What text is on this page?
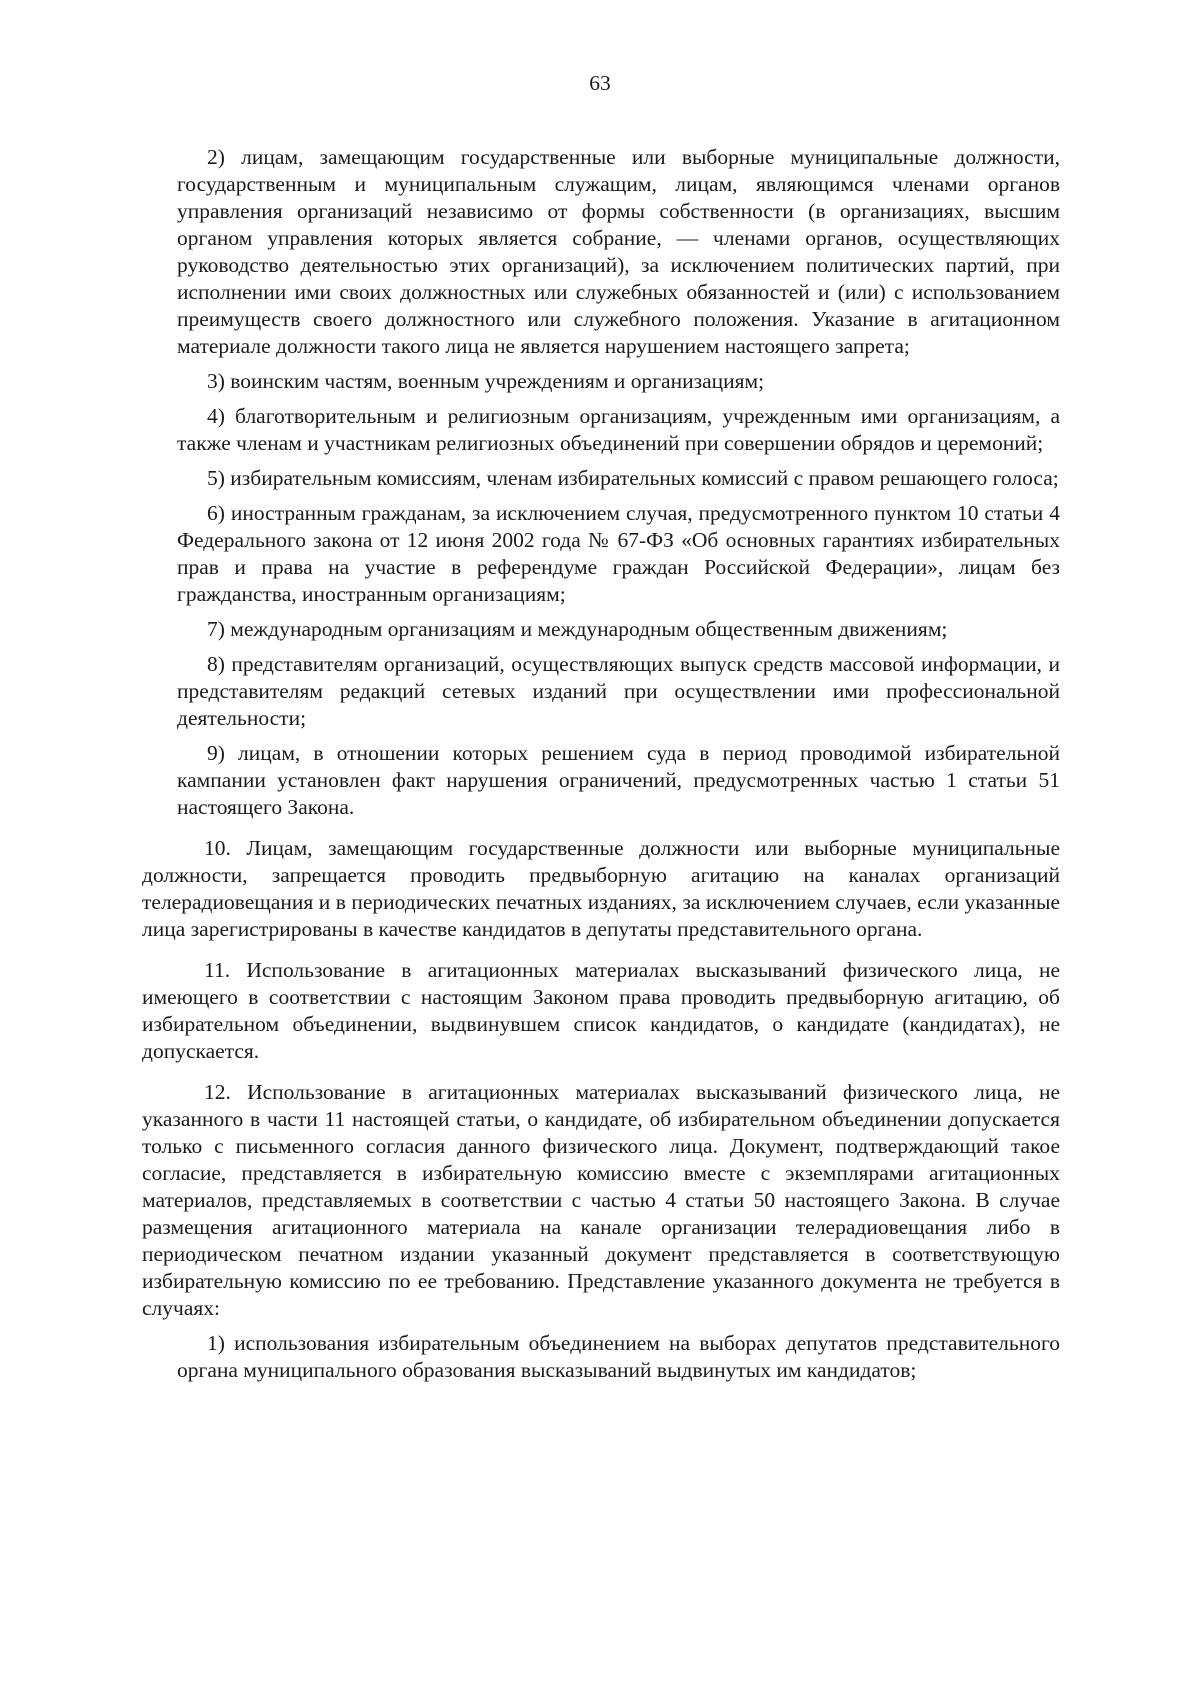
63

2) лицам, замещающим государственные или выборные муниципальные должности, государственным и муниципальным служащим, лицам, являющимся членами органов управления организаций независимо от формы собственности (в организациях, высшим органом управления которых является собрание, — членами органов, осуществляющих руководство деятельностью этих организаций), за исключением политических партий, при исполнении ими своих должностных или служебных обязанностей и (или) с использованием преимуществ своего должностного или служебного положения. Указание в агитационном материале должности такого лица не является нарушением настоящего запрета;

3) воинским частям, военным учреждениям и организациям;

4) благотворительным и религиозным организациям, учрежденным ими организациям, а также членам и участникам религиозных объединений при совершении обрядов и церемоний;

5) избирательным комиссиям, членам избирательных комиссий с правом решающего голоса;

6) иностранным гражданам, за исключением случая, предусмотренного пунктом 10 статьи 4 Федерального закона от 12 июня 2002 года № 67-ФЗ «Об основных гарантиях избирательных прав и права на участие в референдуме граждан Российской Федерации», лицам без гражданства, иностранным организациям;

7) международным организациям и международным общественным движениям;

8) представителям организаций, осуществляющих выпуск средств массовой информации, и представителям редакций сетевых изданий при осуществлении ими профессиональной деятельности;

9) лицам, в отношении которых решением суда в период проводимой избирательной кампании установлен факт нарушения ограничений, предусмотренных частью 1 статьи 51 настоящего Закона.

10. Лицам, замещающим государственные должности или выборные муниципальные должности, запрещается проводить предвыборную агитацию на каналах организаций телерадиовещания и в периодических печатных изданиях, за исключением случаев, если указанные лица зарегистрированы в качестве кандидатов в депутаты представительного органа.

11. Использование в агитационных материалах высказываний физического лица, не имеющего в соответствии с настоящим Законом права проводить предвыборную агитацию, об избирательном объединении, выдвинувшем список кандидатов, о кандидате (кандидатах), не допускается.

12. Использование в агитационных материалах высказываний физического лица, не указанного в части 11 настоящей статьи, о кандидате, об избирательном объединении допускается только с письменного согласия данного физического лица. Документ, подтверждающий такое согласие, представляется в избирательную комиссию вместе с экземплярами агитационных материалов, представляемых в соответствии с частью 4 статьи 50 настоящего Закона. В случае размещения агитационного материала на канале организации телерадиовещания либо в периодическом печатном издании указанный документ представляется в соответствующую избирательную комиссию по ее требованию. Представление указанного документа не требуется в случаях:

1) использования избирательным объединением на выборах депутатов представительного органа муниципального образования высказываний выдвинутых им кандидатов;
